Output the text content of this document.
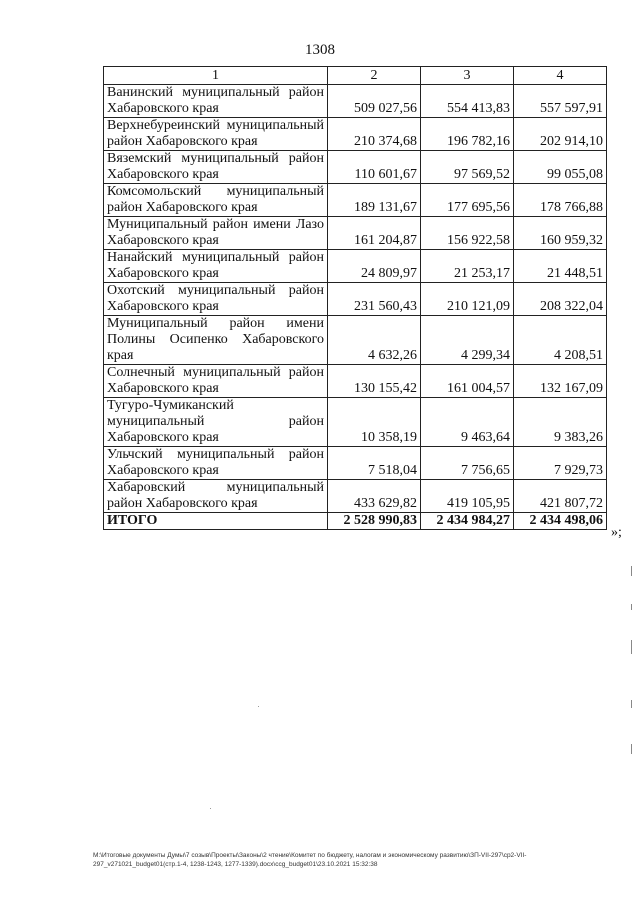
1308
1	2	3	4
Ванинский муниципальный район Хабаровского края	509 027,56	554 413,83	557 597,91
Верхнебуреинский муниципальный район Хабаровского края	210 374,68	196 782,16	202 914,10
Вяземский муниципальный район Хабаровского края	110 601,67	97 569,52	99 055,08
Комсомольский муниципальный район Хабаровского края	189 131,67	177 695,56	178 766,88
Муниципальный район имени Лазо Хабаровского края	161 204,87	156 922,58	160 959,32
Нанайский муниципальный район Хабаровского края	24 809,97	21 253,17	21 448,51
Охотский муниципальный район Хабаровского края	231 560,43	210 121,09	208 322,04
Муниципальный район имени Полины Осипенко Хабаровского края	4 632,26	4 299,34	4 208,51
Солнечный муниципальный район Хабаровского края	130 155,42	161 004,57	132 167,09
Тугуро-Чумиканский муниципальный район Хабаровского края	10 358,19	9 463,64	9 383,26
Ульчский муниципальный район Хабаровского края	7 518,04	7 756,65	7 929,73
Хабаровский муниципальный район Хабаровского края	433 629,82	419 105,95	421 807,72
ИТОГО	2 528 990,83	2 434 984,27	2 434 498,06
»;
М:\Итоговые документы Думы\7 созыв\Проекты\Законы\2 чтение\Комитет по бюджету, налогам и экономическому развитию\ЗП-VII-297\ср2-VII-297_v271021_budget01(стр.1-4, 1238-1243, 1277-1339).docx\ccg_budget01\23.10.2021 15:32:38
